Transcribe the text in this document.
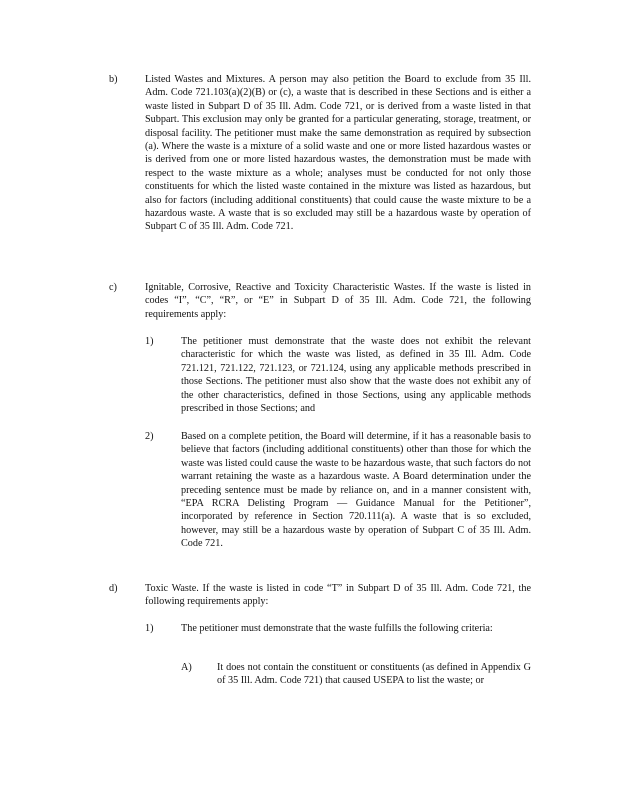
b)	Listed Wastes and Mixtures. A person may also petition the Board to exclude from 35 Ill. Adm. Code 721.103(a)(2)(B) or (c), a waste that is described in these Sections and is either a waste listed in Subpart D of 35 Ill. Adm. Code 721, or is derived from a waste listed in that Subpart. This exclusion may only be granted for a particular generating, storage, treatment, or disposal facility. The petitioner must make the same demonstration as required by subsection (a). Where the waste is a mixture of a solid waste and one or more listed hazardous wastes or is derived from one or more listed hazardous wastes, the demonstration must be made with respect to the waste mixture as a whole; analyses must be conducted for not only those constituents for which the listed waste contained in the mixture was listed as hazardous, but also for factors (including additional constituents) that could cause the waste mixture to be a hazardous waste. A waste that is so excluded may still be a hazardous waste by operation of Subpart C of 35 Ill. Adm. Code 721.

c)	Ignitable, Corrosive, Reactive and Toxicity Characteristic Wastes. If the waste is listed in codes “I”, “C”, “R”, or “E” in Subpart D of 35 Ill. Adm. Code 721, the following requirements apply:

1)	The petitioner must demonstrate that the waste does not exhibit the relevant characteristic for which the waste was listed, as defined in 35 Ill. Adm. Code 721.121, 721.122, 721.123, or 721.124, using any applicable methods prescribed in those Sections. The petitioner must also show that the waste does not exhibit any of the other characteristics, defined in those Sections, using any applicable methods prescribed in those Sections; and

2)	Based on a complete petition, the Board will determine, if it has a reasonable basis to believe that factors (including additional constituents) other than those for which the waste was listed could cause the waste to be hazardous waste, that such factors do not warrant retaining the waste as a hazardous waste. A Board determination under the preceding sentence must be made by reliance on, and in a manner consistent with, “EPA RCRA Delisting Program — Guidance Manual for the Petitioner”, incorporated by reference in Section 720.111(a). A waste that is so excluded, however, may still be a hazardous waste by operation of Subpart C of 35 Ill. Adm. Code 721.

d)	Toxic Waste. If the waste is listed in code “T” in Subpart D of 35 Ill. Adm. Code 721, the following requirements apply:

1)	The petitioner must demonstrate that the waste fulfills the following criteria:

A) It does not contain the constituent or constituents (as defined in Appendix G of 35 Ill. Adm. Code 721) that caused USEPA to list the waste; or
